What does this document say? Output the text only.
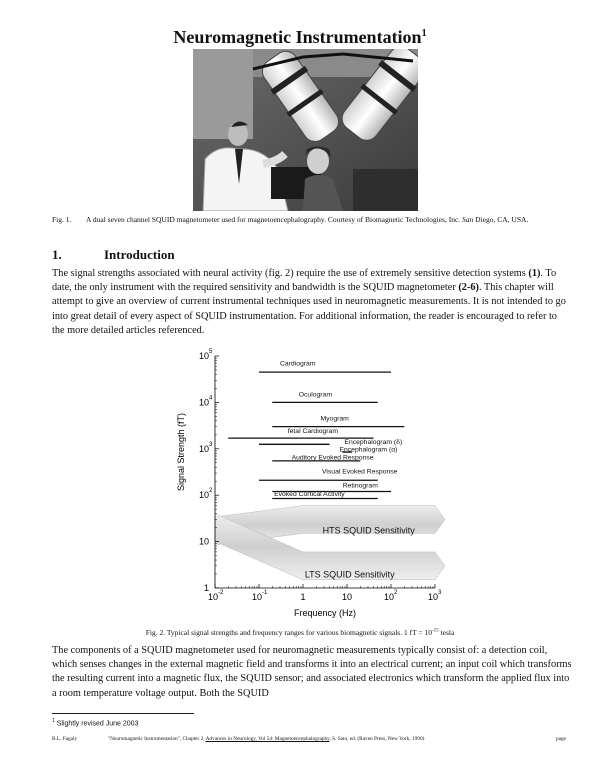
Neuromagnetic Instrumentation$^1$
Fig. 1. A dual seven channel SQUID magnetometer used for magnetoencephalography. Courtesy of Biomagnetic Technologies, Inc. San Diego, CA, USA.
1.	Introduction
The signal strengths associated with neural activity (fig. 2) require the use of extremely sensitive detection systems (1). To date, the only instrument with the required sensitivity and bandwidth is the SQUID magnetometer (2-6). This chapter will attempt to give an overview of current instrumental techniques used in neuromagnetic measurements. It is not intended to go into great detail of every aspect of SQUID instrumentation. For additional information, the reader is encouraged to refer to the more detailed articles referenced.
HTS SQUID Sensitivity
LTS SQUID Sensitivity
1
10
10 2
10 3
10 4
10 5
10 -2	10 -1	1	10	10 2	10 3
Frequency (Hz)
Signal Strength (fT)
Cardiogram
Oculogram
Myogram
fetal Cardiogram
Encephalogram (δ)
Encephalogram (α)
Auditory Evoked Response
Visual Evoked Response
Retinogram
Evoked Cortical Activity
Fig. 2. Typical signal strengths and frequency ranges for various biomagnetic signals. 1 fT = $10^{-15}$ tesla
The components of a SQUID magnetometer used for neuromagnetic measurements typically consist of: a detection coil, which senses changes in the external magnetic field and transforms it into an electrical current; an input coil which transforms the resulting current into a magnetic flux, the SQUID sensor; and associated electronics which transform the applied flux into a room temperature voltage output. Both the SQUID
$^1$ Slightly revised June 2003
R.L. Fagaly	"Neuromagnetic Instrumentation", Chapter 2, Advances in Neurology, Vol 54: Magnetoencephalography, S. Sato, ed. (Raven Press, New York, 1990)	page
